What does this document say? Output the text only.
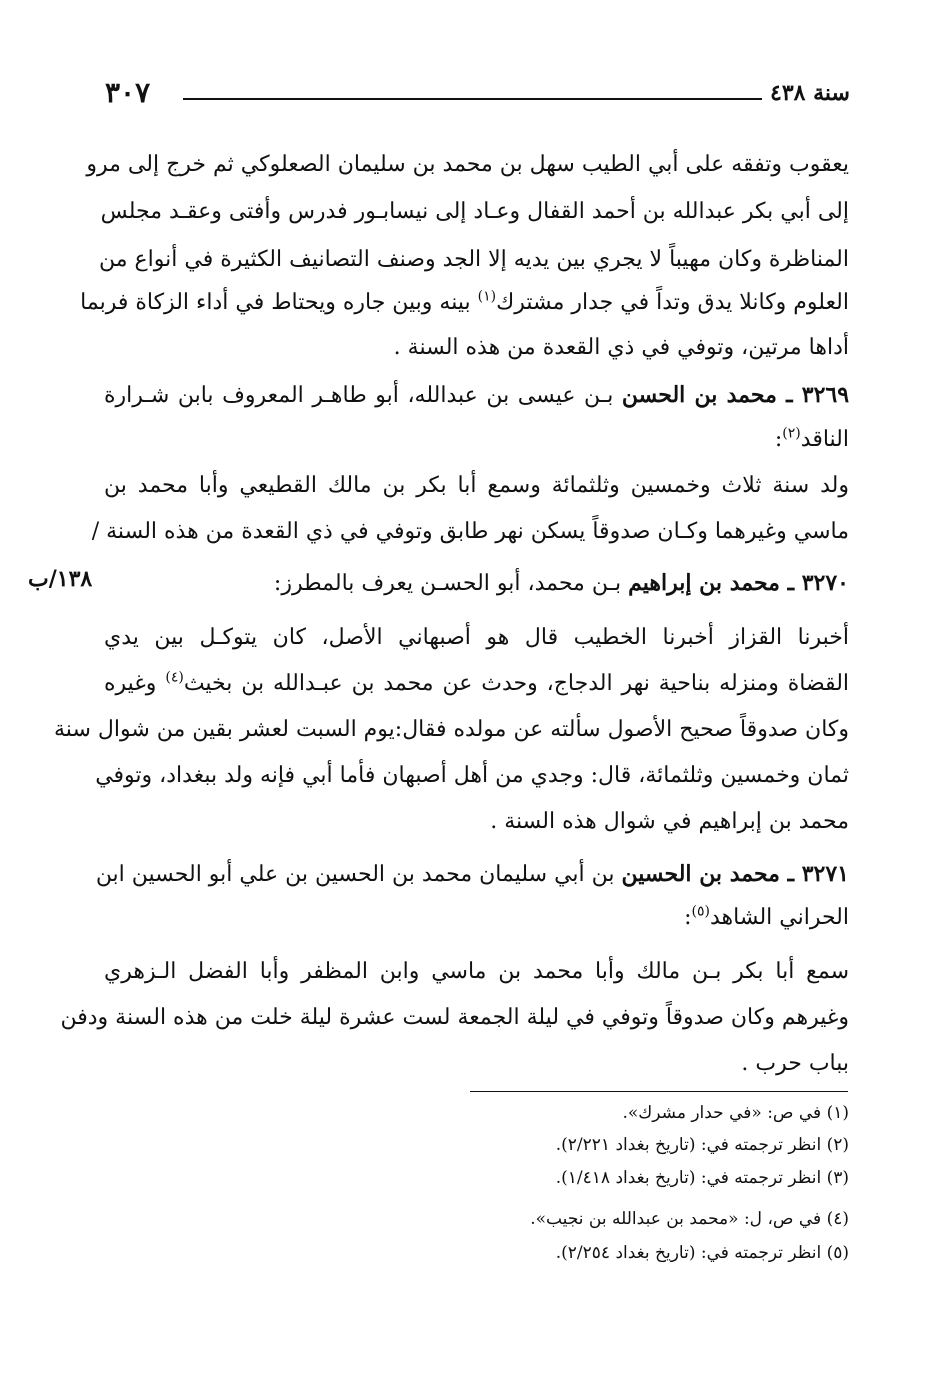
٣٠٧	سنة ٤٣٨
يعقوب وتفقه على أبي الطيب سهل بن محمد بن سليمان الصعلوكي ثم خرج إلى مرو
إلى أبي بكر عبدالله بن أحمد القفال وعـاد إلى نيسابـور فدرس وأفتى وعقـد مجلس
المناظرة وكان مهيباً لا يجري بين يديه إلا الجد وصنف التصانيف الكثيرة في أنواع من
العلوم وكانلا يدق وتداً في جدار مشترك$^{(١)}$ بينه وبين جاره ويحتاط في أداء الزكاة فربما
أداها مرتين، وتوفي في ذي القعدة من هذه السنة .
٣٢٦٩ ـ محمد بن الحسن بـن عيسى بن عبدالله، أبو طاهـر المعروف بابن شـرارة
الناقد$^{(٢)}$:
ولد سنة ثلاث وخمسين وثلثمائة وسمع أبا بكر بن مالك القطيعي وأبا محمد بن
ماسي وغيرهما وكـان صدوقاً يسكن نهر طابق وتوفي في ذي القعدة من هذه السنة /
١٣٨/ب	٣٢٧٠ ـ محمد بن إبراهيم بـن محمد، أبو الحسـن يعرف بالمطرز:
أخبرنا القزاز أخبرنا الخطيب قال هو أصبهاني الأصل، كان يتوكـل بين يدي
القضاة ومنزله بناحية نهر الدجاج، وحدث عن محمد بن عبـدالله بن بخيث$^{(٤)}$ وغيره
وكان صدوقاً صحيح الأصول سألته عن مولده فقال:يوم السبت لعشر بقين من شوال سنة
ثمان وخمسين وثلثمائة، قال: وجدي من أهل أصبهان فأما أبي فإنه ولد ببغداد، وتوفي
محمد بن إبراهيم في شوال هذه السنة .
٣٢٧١ ـ محمد بن الحسين بن أبي سليمان محمد بن الحسين بن علي أبو الحسين ابن
الحراني الشاهد$^{(٥)}$:
سمع أبا بكر بـن مالك وأبا محمد بن ماسي وابن المظفر وأبا الفضل الـزهري
وغيرهم وكان صدوقاً وتوفي في ليلة الجمعة لست عشرة ليلة خلت من هذه السنة ودفن
بباب حرب .
(١) في ص: «في حدار مشرك».
(٢) انظر ترجمته في: (تاريخ بغداد ٢/٢٢١).
(٣) انظر ترجمته في: (تاريخ بغداد ١/٤١٨).
(٤) في ص، ل: «محمد بن عبدالله بن نجيب».
(٥) انظر ترجمته في: (تاريخ بغداد ٢/٢٥٤).
